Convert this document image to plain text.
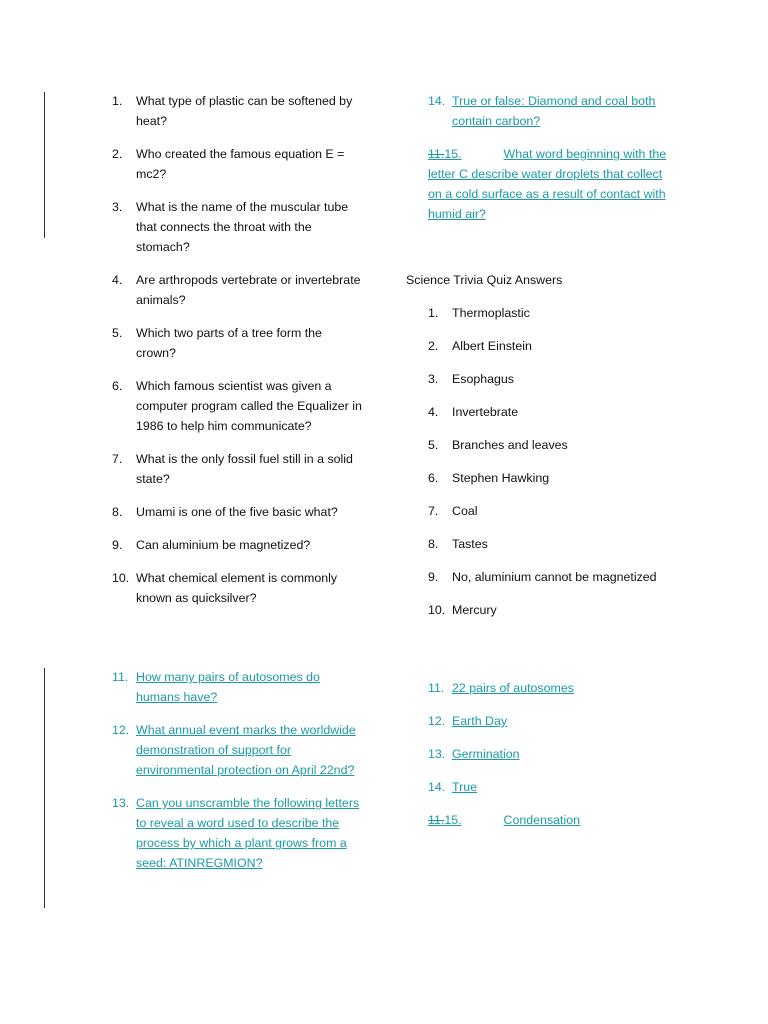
1. What type of plastic can be softened by heat?
2. Who created the famous equation E = mc2?
3. What is the name of the muscular tube that connects the throat with the stomach?
4. Are arthropods vertebrate or invertebrate animals?
5. Which two parts of a tree form the crown?
6. Which famous scientist was given a computer program called the Equalizer in 1986 to help him communicate?
7. What is the only fossil fuel still in a solid state?
8. Umami is one of the five basic what?
9. Can aluminium be magnetized?
10. What chemical element is commonly known as quicksilver?
14. True or false: Diamond and coal both contain carbon?
11.15.	What word beginning with the letter C describe water droplets that collect on a cold surface as a result of contact with humid air?
Science Trivia Quiz Answers
1. Thermoplastic
2. Albert Einstein
3. Esophagus
4. Invertebrate
5. Branches and leaves
6. Stephen Hawking
7. Coal
8. Tastes
9. No, aluminium cannot be magnetized
10. Mercury
11. How many pairs of autosomes do humans have?
12. What annual event marks the worldwide demonstration of support for environmental protection on April 22nd?
13. Can you unscramble the following letters to reveal a word used to describe the process by which a plant grows from a seed: ATINREGMION?
11. 22 pairs of autosomes
12. Earth Day
13. Germination
14. True
11.15.	Condensation
